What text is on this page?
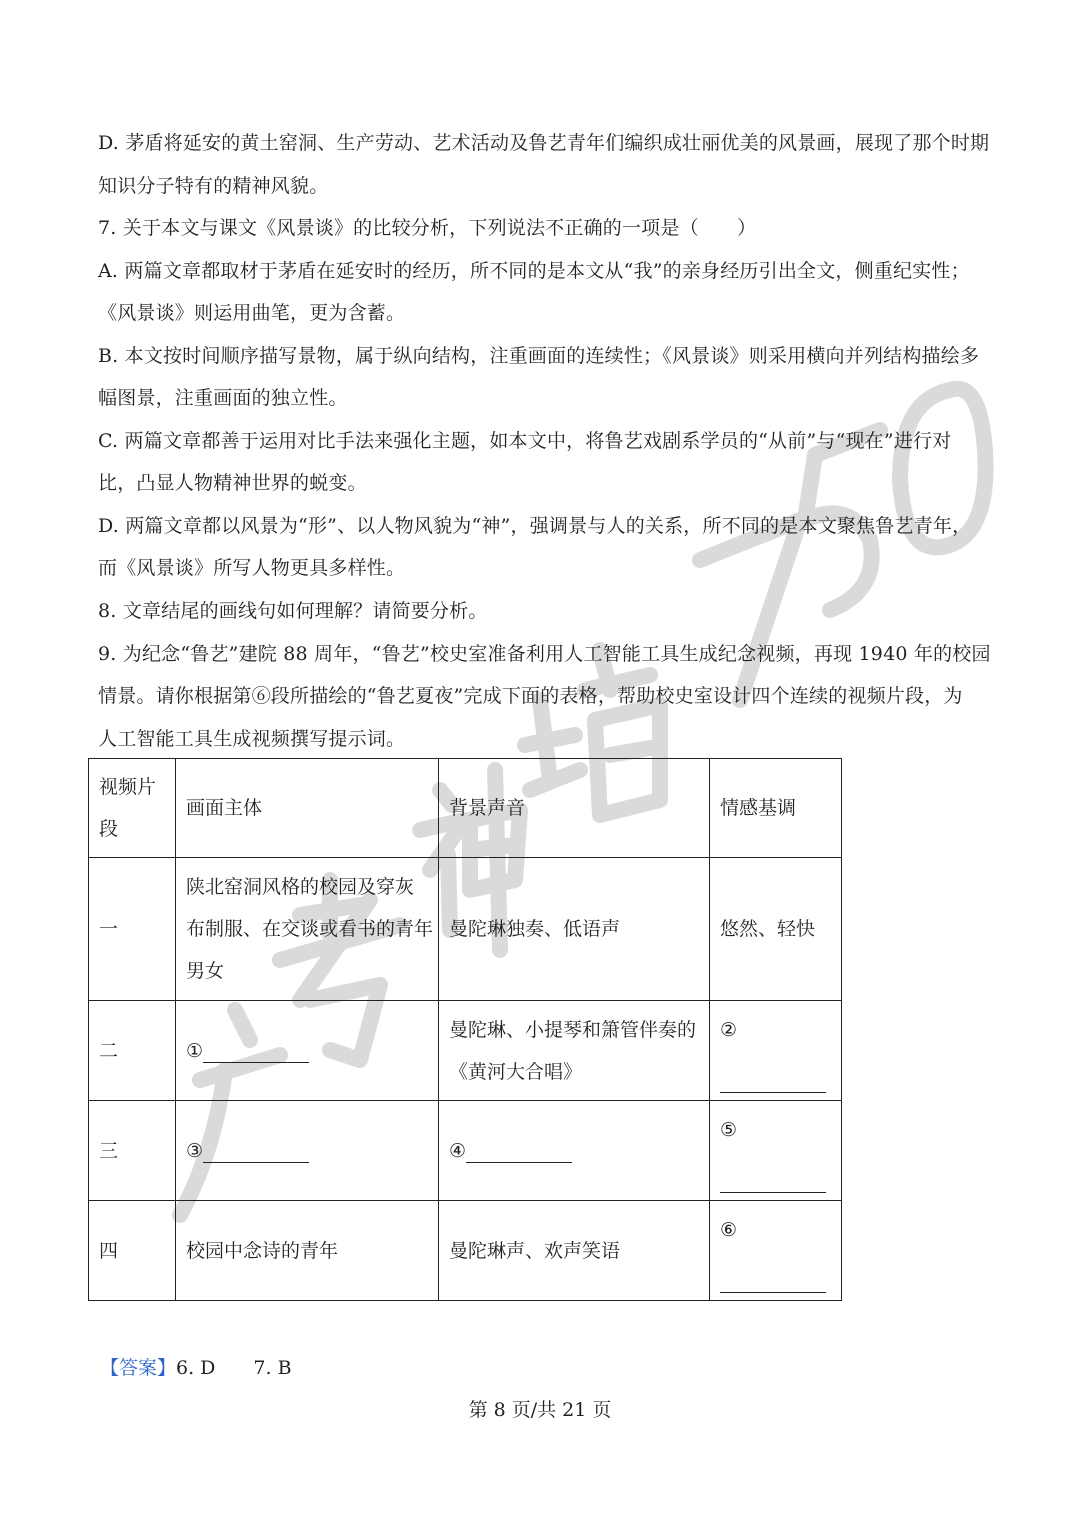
D. 茅盾将延安的黄土窑洞、生产劳动、艺术活动及鲁艺青年们编织成壮丽优美的风景画，展现了那个时期
知识分子特有的精神风貌。
7. 关于本文与课文《风景谈》的比较分析，下列说法不正确的一项是（　　）
A. 两篇文章都取材于茅盾在延安时的经历，所不同的是本文从“我”的亲身经历引出全文，侧重纪实性；
《风景谈》则运用曲笔，更为含蓄。
B. 本文按时间顺序描写景物，属于纵向结构，注重画面的连续性；《风景谈》则采用横向并列结构描绘多
幅图景，注重画面的独立性。
C. 两篇文章都善于运用对比手法来强化主题，如本文中，将鲁艺戏剧系学员的“从前”与“现在”进行对
比，凸显人物精神世界的蜕变。
D. 两篇文章都以风景为“形”、以人物风貌为“神”，强调景与人的关系，所不同的是本文聚焦鲁艺青年，
而《风景谈》所写人物更具多样性。
8. 文章结尾的画线句如何理解？请简要分析。
9. 为纪念“鲁艺”建院 88 周年，“鲁艺”校史室准备利用人工智能工具生成纪念视频，再现 1940 年的校园
情景。请你根据第⑥段所描绘的“鲁艺夏夜”完成下面的表格，帮助校史室设计四个连续的视频片段，为
人工智能工具生成视频撰写提示词。
视频片
段	画面主体	背景声音	情感基调
一	陕北窑洞风格的校园及穿灰
布制服、在交谈或看书的青年
男女	曼陀琳独奏、低语声	悠然、轻快
二	①	曼陀琳、小提琴和箫管伴奏的
《黄河大合唱》	②

三	③	④	⑤

四	校园中念诗的青年	曼陀琳声、欢声笑语	⑥
【答案】6. D 7. B
第 8 页/共 21 页
